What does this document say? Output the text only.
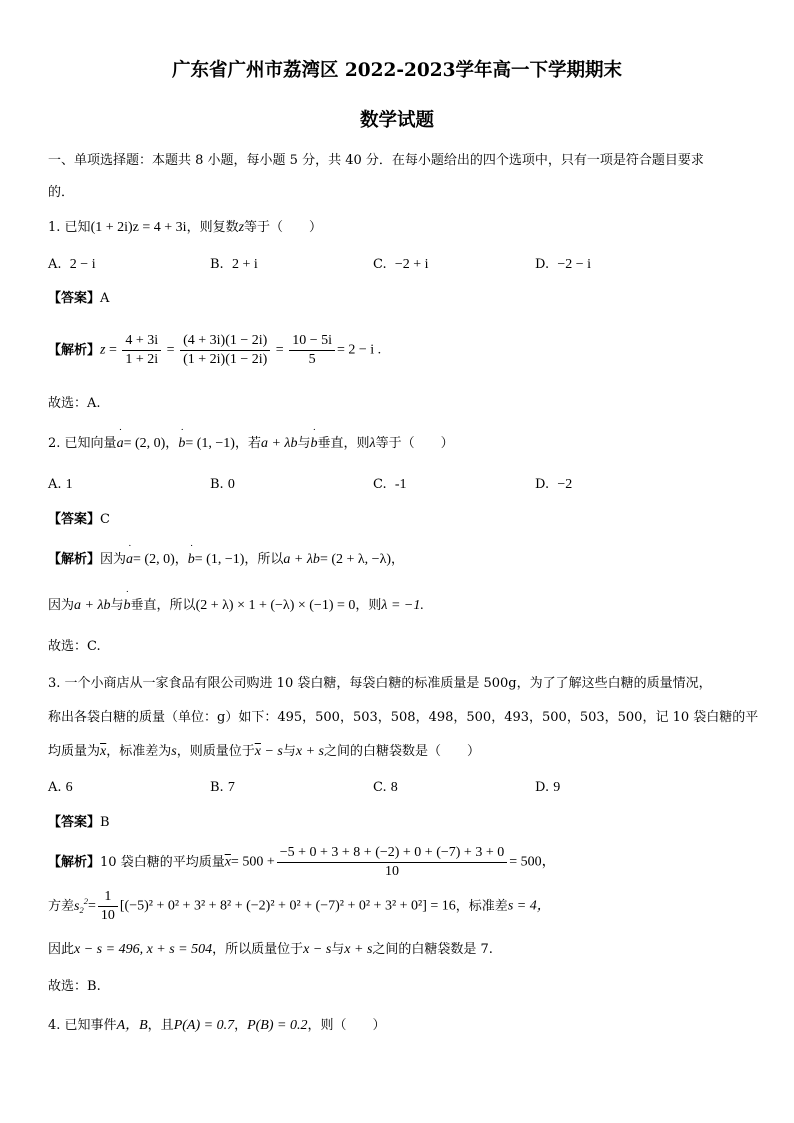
广东省广州市荔湾区 2022-2023学年高一下学期期末
数学试题
一、单项选择题：本题共 8 小题，每小题 5 分，共 40 分．在每小题给出的四个选项中，只有一项是符合题目要求
的．
1. 已知(1 + 2i)z = 4 + 3i，则复数z等于（　　）
A. 2 − i	B. 2 + i	C. −2 + i	D. −2 − i
【答案】A
【解析】$z = \frac{4 + 3i}{1 + 2i} = \frac{(4 + 3i)(1 - 2i)}{(1 + 2i)(1 - 2i)} = \frac{10 - 5i}{5} = 2 - i$ .
故选：A.
2. 已知向量˙ a= (2, 0)，˙ b= (1, −1)，若a + λb与˙ b垂直，则λ等于（　　）
A. 1	B. 0	C. -1	D. −2
【答案】C
【解析】因为˙ a= (2, 0)，˙ b= (1, −1)，所以a + λb= (2 + λ, −λ)，
因为a + λb与˙ b垂直，所以(2 + λ) × 1 + (−λ) × (−1) = 0，则λ = −1.
故选：C.
3. 一个小商店从一家食品有限公司购进 10 袋白糖，每袋白糖的标准质量是 500g，为了了解这些白糖的质量情况，
称出各袋白糖的质量（单位：g）如下：495，500，503，508，498，500，493，500，503，500，记 10 袋白糖的平
均质量为$\overline{x}$，标准差为s，则质量位于$\overline{x} - s$与x + s之间的白糖袋数是（　　）
A. 6	B. 7	C. 8	D. 9
【答案】B
【解析】10 袋白糖的平均质量$\overline{x}= 500 + \frac{-5 + 0 + 3 + 8 + (-2) + 0 + (-7) + 3 + 0}{10} = 500$，
方差$s_2^2= \frac{1}{10} [(-5)^2 + 0^2 + 3^2 + 8^2 + (-2)^2 + 0^2 + (-7)^2 + 0^2 + 3^2 + 0^2] = 16$，标准差s = 4，
因此x − s = 496, x + s = 504，所以质量位于x − s与x + s之间的白糖袋数是 7.
故选：B.
4. 已知事件A，B，且P(A) = 0.7，P(B) = 0.2，则（　　）
